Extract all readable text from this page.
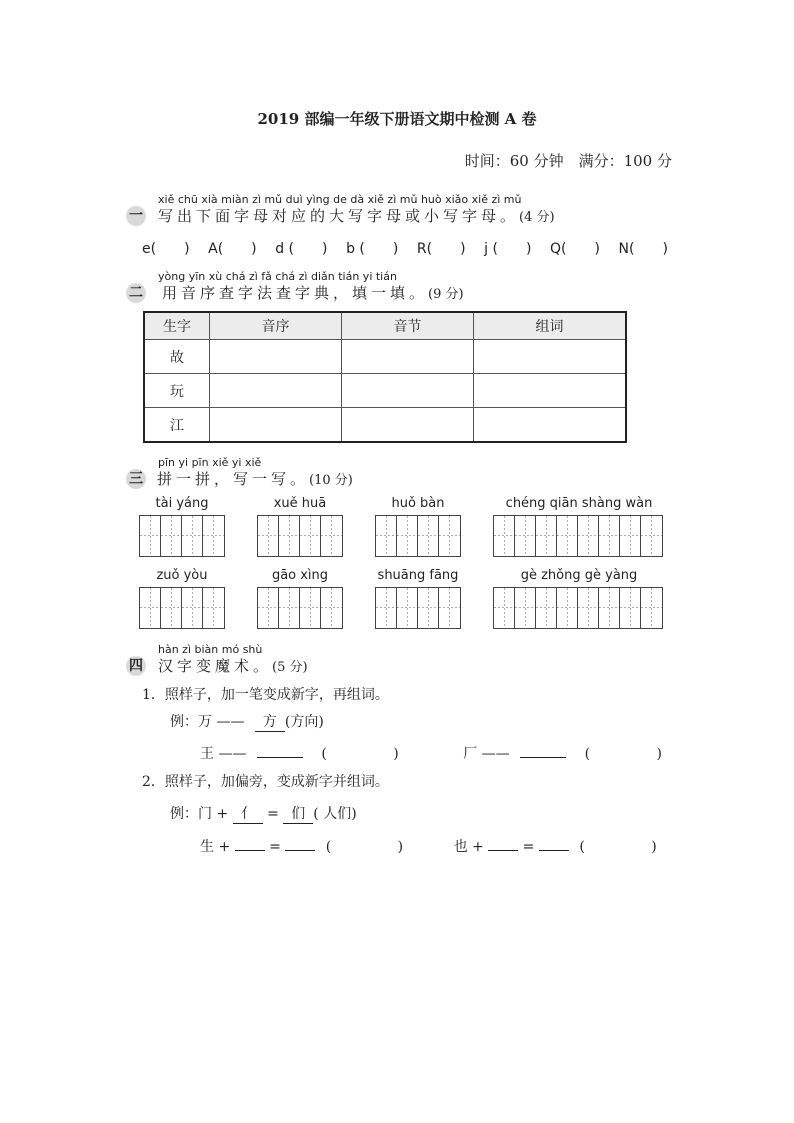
2019 部编一年级下册语文期中检测 A 卷
时间：60 分钟　满分：100 分
xiě chū xià miàn zì mǔ duì yìng de dà xiě zì mǔ huò xiǎo xiě zì mǔ
一 写出下面字母对应的大写字母或小写字母。(4 分)
e(　　) A(　　) d (　　) b (　　) R(　　) j (　　) Q(　　) N(　　)
yòng yīn xù chá zì fǎ chá zì diǎn tián yi tián
二 用音序查字法查字典，填一填。(9 分)
生字	音序	音节	组词
故			
玩			
江			
pīn yi pīn xiě yi xiě
三 拼一拼，写一写。(10 分)
tài yáng	xuě huā	huǒ bàn	chéng qiān shàng wàn
zuǒ yòu	gāo xìng	shuāng fāng	gè zhǒng gè yàng
hàn zì biàn mó shù
四 汉字变魔术。(5 分)
1．照样子，加一笔变成新字，再组词。
例：万 —— 方 (方向)
王 ——	(	)	厂 ——	(	)
2．照样子，加偏旁，变成新字并组词。
例：门 + 亻 = 们 ( 人们)
生 +	=	(	)	也 +	=	(	)
